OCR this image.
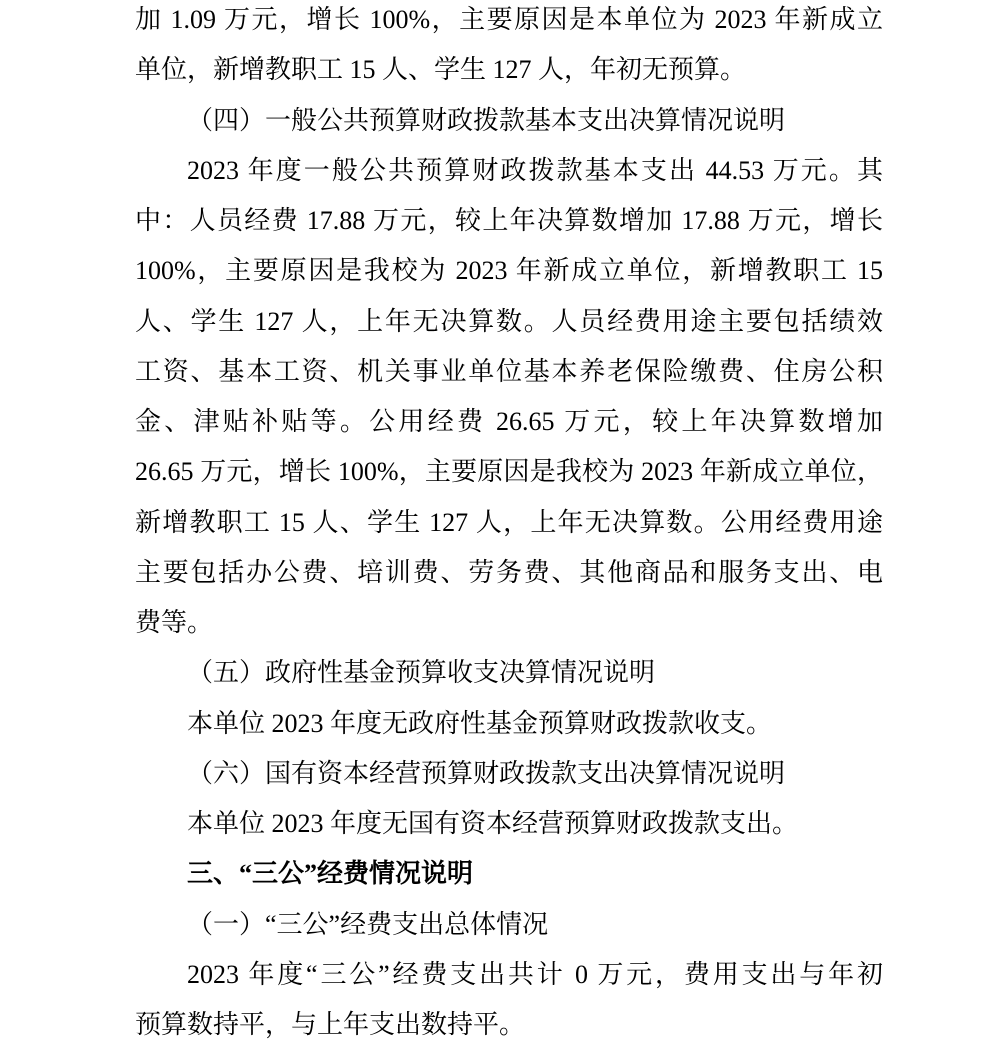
加 1.09 万元，增长 100%，主要原因是本单位为 2023 年新成立
单位，新增教职工 15 人、学生 127 人，年初无预算。
（四）一般公共预算财政拨款基本支出决算情况说明
2023 年度一般公共预算财政拨款基本支出 44.53 万元。其
中：人员经费 17.88 万元，较上年决算数增加 17.88 万元，增长
100%，主要原因是我校为 2023 年新成立单位，新增教职工 15
人、学生 127 人，上年无决算数。人员经费用途主要包括绩效
工资、基本工资、机关事业单位基本养老保险缴费、住房公积
金、津贴补贴等。公用经费 26.65 万元，较上年决算数增加
26.65 万元，增长 100%，主要原因是我校为 2023 年新成立单位，
新增教职工 15 人、学生 127 人，上年无决算数。公用经费用途
主要包括办公费、培训费、劳务费、其他商品和服务支出、电
费等。
（五）政府性基金预算收支决算情况说明
本单位 2023 年度无政府性基金预算财政拨款收支。
（六）国有资本经营预算财政拨款支出决算情况说明
本单位 2023 年度无国有资本经营预算财政拨款支出。
三、“三公”经费情况说明
（一）“三公”经费支出总体情况
2023 年度“三公”经费支出共计 0 万元，费用支出与年初
预算数持平，与上年支出数持平。
